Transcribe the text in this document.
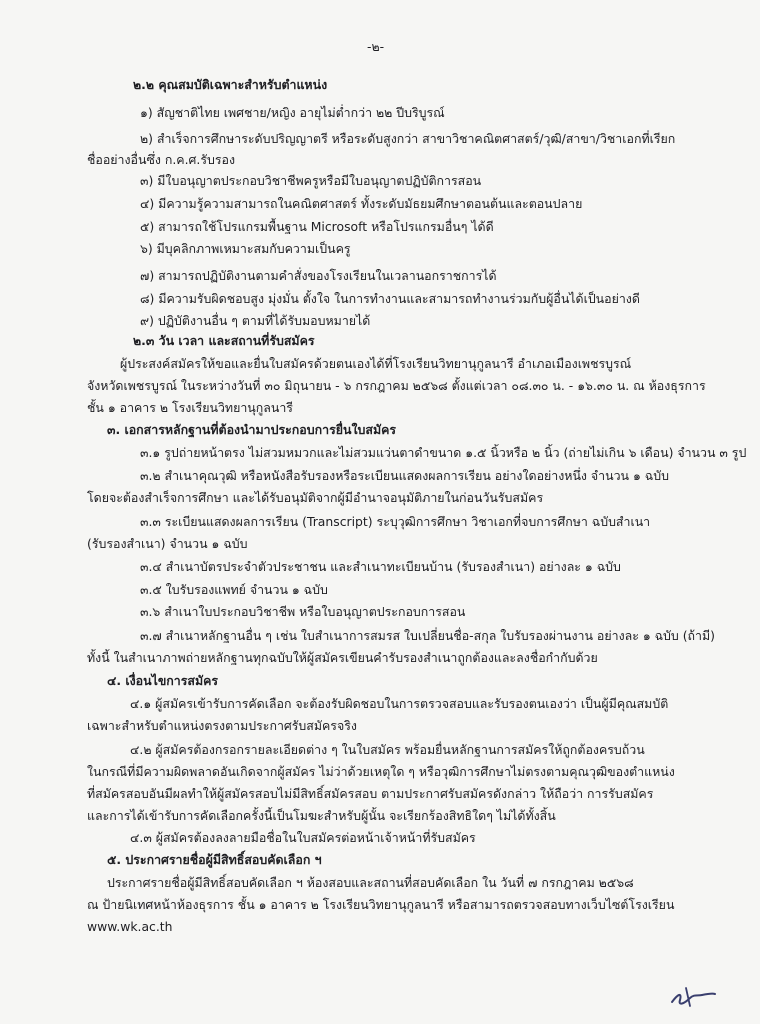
-๒-
๒.๒ คุณสมบัติเฉพาะสำหรับตำแหน่ง
๑) สัญชาติไทย เพศชาย/หญิง อายุไม่ต่ำกว่า ๒๒ ปีบริบูรณ์
๒) สำเร็จการศึกษาระดับปริญญาตรี หรือระดับสูงกว่า สาขาวิชาคณิตศาสตร์/วุฒิ/สาขา/วิชาเอกที่เรียก
ชื่ออย่างอื่นซึ่ง ก.ค.ศ.รับรอง
๓) มีใบอนุญาตประกอบวิชาชีพครูหรือมีใบอนุญาตปฏิบัติการสอน
๔) มีความรู้ความสามารถในคณิตศาสตร์ ทั้งระดับมัธยมศึกษาตอนต้นและตอนปลาย
๕) สามารถใช้โปรแกรมพื้นฐาน Microsoft หรือโปรแกรมอื่นๆ ได้ดี
๖) มีบุคลิกภาพเหมาะสมกับความเป็นครู
๗) สามารถปฏิบัติงานตามคำสั่งของโรงเรียนในเวลานอกราชการได้
๘) มีความรับผิดชอบสูง มุ่งมั่น ตั้งใจ ในการทำงานและสามารถทำงานร่วมกับผู้อื่นได้เป็นอย่างดี
๙) ปฏิบัติงานอื่น ๆ ตามที่ได้รับมอบหมายได้
๒.๓ วัน เวลา และสถานที่รับสมัคร
ผู้ประสงค์สมัครให้ขอและยื่นใบสมัครด้วยตนเองได้ที่โรงเรียนวิทยานุกูลนารี อำเภอเมืองเพชรบูรณ์
จังหวัดเพชรบูรณ์ ในระหว่างวันที่ ๓๐ มิถุนายน - ๖ กรกฎาคม ๒๕๖๘ ตั้งแต่เวลา ๐๘.๓๐ น. - ๑๖.๓๐ น. ณ ห้องธุรการ
ชั้น ๑ อาคาร ๒ โรงเรียนวิทยานุกูลนารี
๓. เอกสารหลักฐานที่ต้องนำมาประกอบการยื่นใบสมัคร
๓.๑ รูปถ่ายหน้าตรง ไม่สวมหมวกและไม่สวมแว่นตาดำขนาด ๑.๕ นิ้วหรือ ๒ นิ้ว (ถ่ายไม่เกิน ๖ เดือน) จำนวน ๓ รูป
๓.๒ สำเนาคุณวุฒิ หรือหนังสือรับรองหรือระเบียนแสดงผลการเรียน อย่างใดอย่างหนึ่ง จำนวน ๑ ฉบับ
โดยจะต้องสำเร็จการศึกษา และได้รับอนุมัติจากผู้มีอำนาจอนุมัติภายในก่อนวันรับสมัคร
๓.๓ ระเบียนแสดงผลการเรียน (Transcript) ระบุวุฒิการศึกษา วิชาเอกที่จบการศึกษา ฉบับสำเนา
(รับรองสำเนา) จำนวน ๑ ฉบับ
๓.๔ สำเนาบัตรประจำตัวประชาชน และสำเนาทะเบียนบ้าน (รับรองสำเนา) อย่างละ ๑ ฉบับ
๓.๕ ใบรับรองแพทย์ จำนวน ๑ ฉบับ
๓.๖ สำเนาใบประกอบวิชาชีพ หรือใบอนุญาตประกอบการสอน
๓.๗ สำเนาหลักฐานอื่น ๆ เช่น ใบสำเนาการสมรส ใบเปลี่ยนชื่อ-สกุล ใบรับรองผ่านงาน อย่างละ ๑ ฉบับ (ถ้ามี)
ทั้งนี้ ในสำเนาภาพถ่ายหลักฐานทุกฉบับให้ผู้สมัครเขียนคำรับรองสำเนาถูกต้องและลงชื่อกำกับด้วย
๔. เงื่อนไขการสมัคร
๔.๑ ผู้สมัครเข้ารับการคัดเลือก จะต้องรับผิดชอบในการตรวจสอบและรับรองตนเองว่า เป็นผู้มีคุณสมบัติ
เฉพาะสำหรับตำแหน่งตรงตามประกาศรับสมัครจริง
๔.๒ ผู้สมัครต้องกรอกรายละเอียดต่าง ๆ ในใบสมัคร พร้อมยื่นหลักฐานการสมัครให้ถูกต้องครบถ้วน
ในกรณีที่มีความผิดพลาดอันเกิดจากผู้สมัคร ไม่ว่าด้วยเหตุใด ๆ หรือวุฒิการศึกษาไม่ตรงตามคุณวุฒิของตำแหน่ง
ที่สมัครสอบอันมีผลทำให้ผู้สมัครสอบไม่มีสิทธิ์สมัครสอบ ตามประกาศรับสมัครดังกล่าว ให้ถือว่า การรับสมัคร
และการได้เข้ารับการคัดเลือกครั้งนี้เป็นโมฆะสำหรับผู้นั้น จะเรียกร้องสิทธิใดๆ ไม่ได้ทั้งสิ้น
๔.๓ ผู้สมัครต้องลงลายมือชื่อในใบสมัครต่อหน้าเจ้าหน้าที่รับสมัคร
๕. ประกาศรายชื่อผู้มีสิทธิ์สอบคัดเลือก ฯ
ประกาศรายชื่อผู้มีสิทธิ์สอบคัดเลือก ฯ ห้องสอบและสถานที่สอบคัดเลือก ใน วันที่ ๗ กรกฎาคม ๒๕๖๘
ณ ป้ายนิเทศหน้าห้องธุรการ ชั้น ๑ อาคาร ๒ โรงเรียนวิทยานุกูลนารี หรือสามารถตรวจสอบทางเว็บไซต์โรงเรียน
www.wk.ac.th
